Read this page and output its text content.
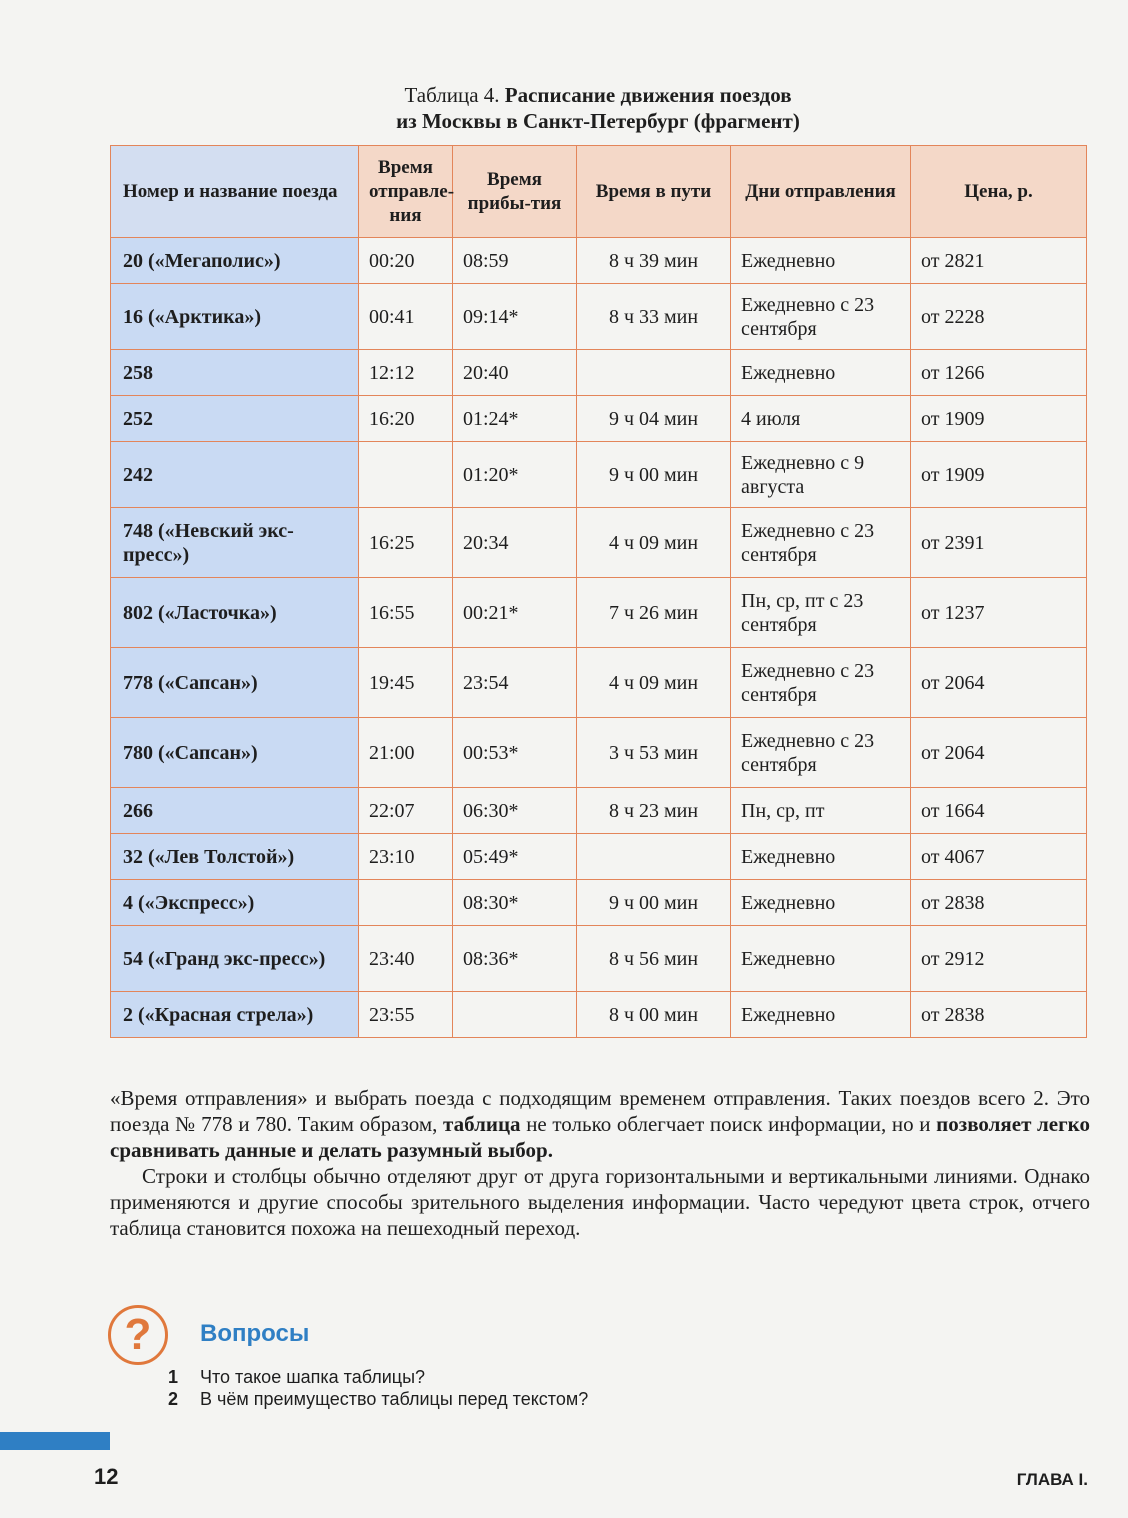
Таблица 4. Расписание движения поездов
из Москвы в Санкт-Петербург (фрагмент)
Номер и название поезда	Время отправле-ния	Время прибы-тия	Время в пути	Дни отправления	Цена, р.
20 («Мегаполис»)	00:20	08:59	8 ч 39 мин	Ежедневно	от 2821
16 («Арктика»)	00:41	09:14*	8 ч 33 мин	Ежедневно с 23 сентября	от 2228
258	12:12	20:40		Ежедневно	от 1266
252	16:20	01:24*	9 ч 04 мин	4 июля	от 1909
242		01:20*	9 ч 00 мин	Ежедневно с 9 августа	от 1909
748 («Невский экс-пресс»)	16:25	20:34	4 ч 09 мин	Ежедневно с 23 сентября	от 2391
802 («Ласточка»)	16:55	00:21*	7 ч 26 мин	Пн, ср, пт с 23 сентября	от 1237
778 («Сапсан»)	19:45	23:54	4 ч 09 мин	Ежедневно с 23 сентября	от 2064
780 («Сапсан»)	21:00	00:53*	3 ч 53 мин	Ежедневно с 23 сентября	от 2064
266	22:07	06:30*	8 ч 23 мин	Пн, ср, пт	от 1664
32 («Лев Толстой»)	23:10	05:49*		Ежедневно	от 4067
4 («Экспресс»)		08:30*	9 ч 00 мин	Ежедневно	от 2838
54 («Гранд экс-пресс»)	23:40	08:36*	8 ч 56 мин	Ежедневно	от 2912
2 («Красная стрела»)	23:55		8 ч 00 мин	Ежедневно	от 2838

«Время отправления» и выбрать поезда с подходящим временем отправления. Таких поездов всего 2. Это поезда № 778 и 780. Таким образом, таблица не только облегчает поиск информации, но и позволяет легко сравнивать данные и делать разумный выбор.

Строки и столбцы обычно отделяют друг от друга горизонтальными и вертикальными линиями. Однако применяются и другие способы зрительного выделения информации. Часто чередуют цвета строк, отчего таблица становится похожа на пешеходный переход.

?	Вопросы
1 Что такое шапка таблицы?
2 В чём преимущество таблицы перед текстом?
12	ГЛАВА I.
